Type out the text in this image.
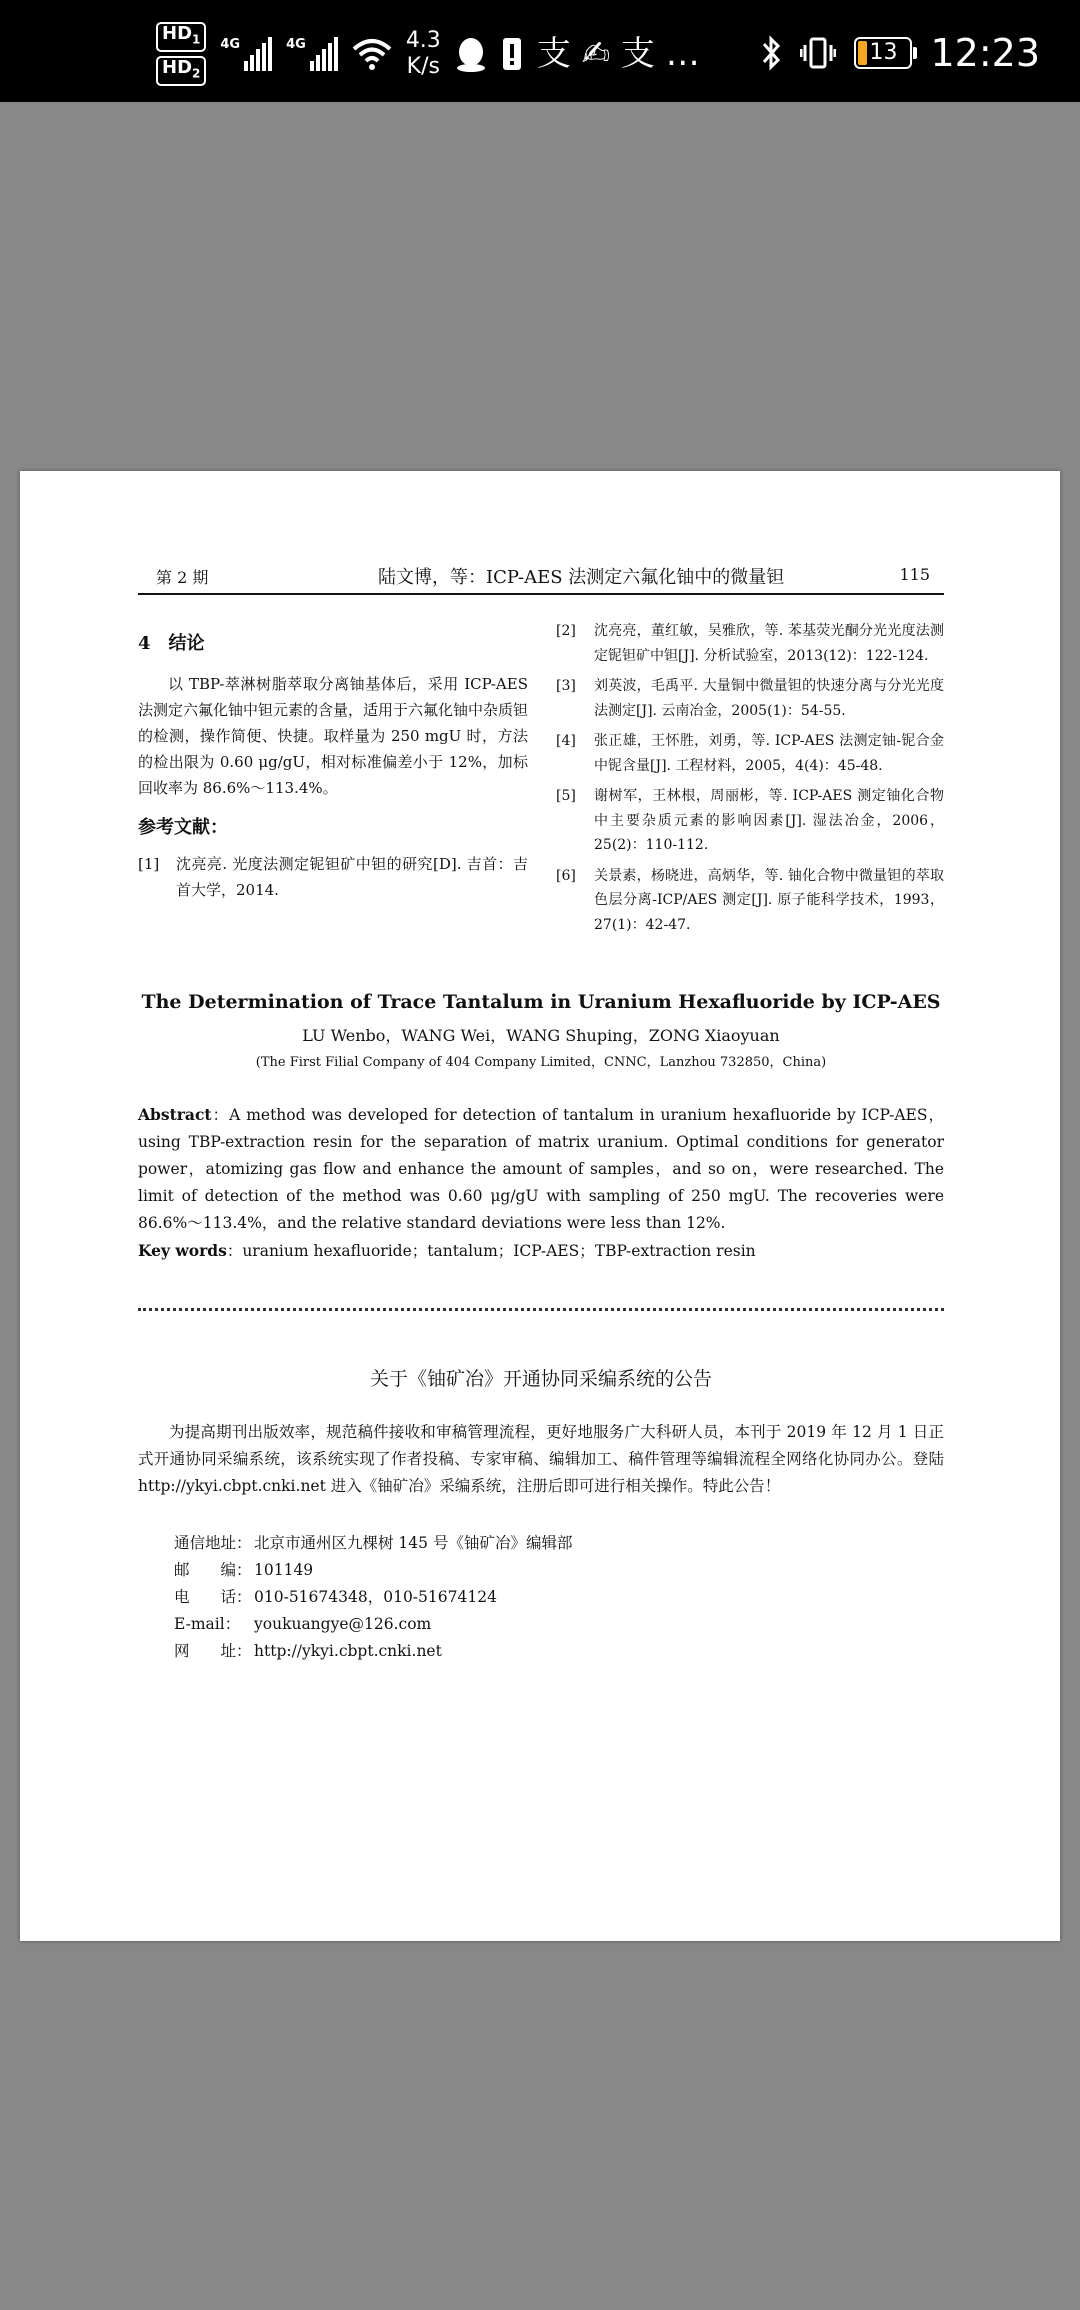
$HD_1$
$HD_2$
4G	4G	4.3
K/s	支 ✍ 支 …	13 12:23
第 2 期	陆文博，等：ICP-AES 法测定六氟化铀中的微量钽	115
4 结论

以 TBP-萃淋树脂萃取分离铀基体后，采用 ICP-AES 法测定六氟化铀中钽元素的含量，适用于六氟化铀中杂质钽的检测，操作简便、快捷。取样量为 250 mgU 时，方法的检出限为 0.60 μg/gU，相对标准偏差小于 12%，加标回收率为 86.6%～113.4%。

参考文献：
[1]	沈亮亮. 光度法测定铌钽矿中钽的研究[D]. 吉首：吉首大学，2014.
[2]	沈亮亮，董红敏，吴雅欣，等. 苯基荧光酮分光光度法测定铌钽矿中钽[J]. 分析试验室，2013(12)：122-124.
[3]	刘英波，毛禹平. 大量铜中微量钽的快速分离与分光光度法测定[J]. 云南冶金，2005(1)：54-55.
[4]	张正雄，王怀胜，刘勇，等. ICP-AES 法测定铀-铌合金中铌含量[J]. 工程材料，2005，4(4)：45-48.
[5]	谢树军，王林根，周丽彬，等. ICP-AES 测定铀化合物中主要杂质元素的影响因素[J]. 湿法冶金，2006，25(2)：110-112.
[6]	关景素，杨晓进，高炳华，等. 铀化合物中微量钽的萃取色层分离-ICP/AES 测定[J]. 原子能科学技术，1993，27(1)：42-47.
The Determination of Trace Tantalum in Uranium Hexafluoride by ICP-AES
LU Wenbo，WANG Wei，WANG Shuping，ZONG Xiaoyuan
(The First Filial Company of 404 Company Limited，CNNC，Lanzhou 732850，China)

Abstract：A method was developed for detection of tantalum in uranium hexafluoride by ICP-AES，using TBP-extraction resin for the separation of matrix uranium. Optimal conditions for generator power，atomizing gas flow and enhance the amount of samples，and so on，were researched. The limit of detection of the method was 0.60 μg/gU with sampling of 250 mgU. The recoveries were 86.6%～113.4%，and the relative standard deviations were less than 12%.

Key words：uranium hexafluoride；tantalum；ICP-AES；TBP-extraction resin
关于《铀矿冶》开通协同采编系统的公告

为提高期刊出版效率，规范稿件接收和审稿管理流程，更好地服务广大科研人员，本刊于 2019 年 12 月 1 日正式开通协同采编系统，该系统实现了作者投稿、专家审稿、编辑加工、稿件管理等编辑流程全网络化协同办公。登陆 http://ykyi.cbpt.cnki.net 进入《铀矿冶》采编系统，注册后即可进行相关操作。特此公告！

通信地址： 北京市通州区九棵树 145 号《铀矿冶》编辑部
邮　　编： 101149
电　　话： 010-51674348，010-51674124
E-mail： youkuangye@126.com
网　　址： http://ykyi.cbpt.cnki.net
